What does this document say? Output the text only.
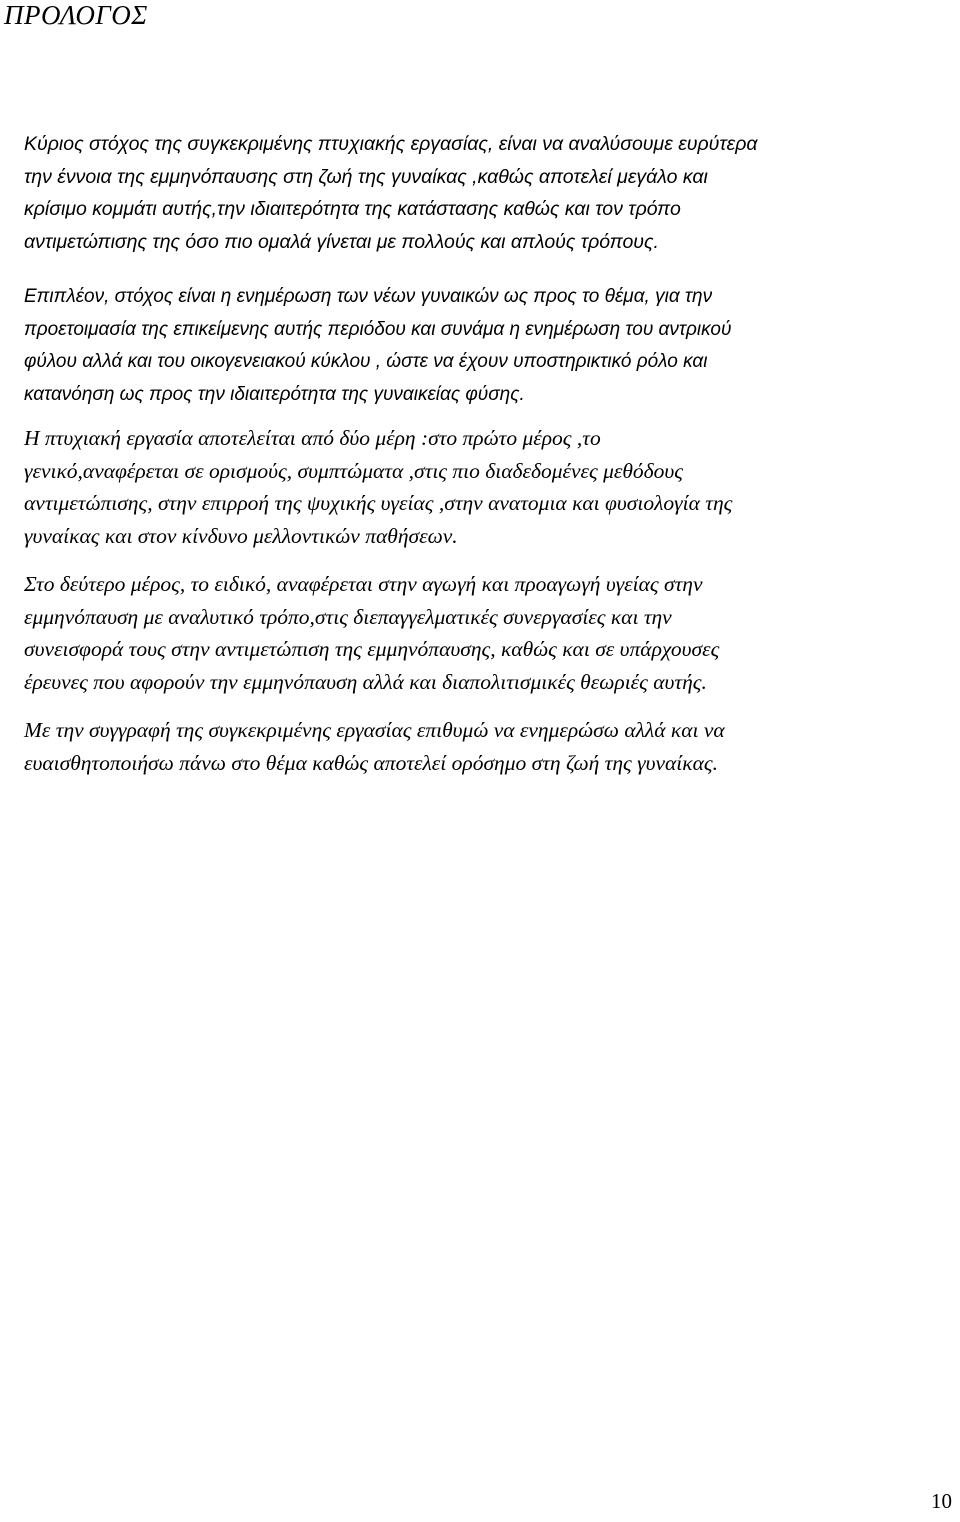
ΠΡΟΛΟΓΟΣ

Κύριος στόχος της συγκεκριμένης πτυχιακής εργασίας, είναι να αναλύσουμε ευρύτερα
την έννοια της εμμηνόπαυσης στη ζωή της γυναίκας ,καθώς αποτελεί μεγάλο και
κρίσιμο κομμάτι αυτής,την ιδιαιτερότητα της κατάστασης καθώς και τον τρόπο
αντιμετώπισης της όσο πιο ομαλά γίνεται με πολλούς και απλούς τρόπους.

Επιπλέον, στόχος είναι η ενημέρωση των νέων γυναικών ως προς το θέμα, για την
προετοιμασία της επικείμενης αυτής περιόδου και συνάμα η ενημέρωση του αντρικού
φύλου αλλά και του οικογενειακού κύκλου , ώστε να έχουν υποστηρικτικό ρόλο και
κατανόηση ως προς την ιδιαιτερότητα της γυναικείας φύσης.

Η πτυχιακή εργασία αποτελείται από δύο μέρη :στο πρώτο μέρος ,το
γενικό,αναφέρεται σε ορισμούς, συμπτώματα ,στις πιο διαδεδομένες μεθόδους
αντιμετώπισης, στην επιρροή της ψυχικής υγείας ,στην ανατομια και φυσιολογία της
γυναίκας και στον κίνδυνο μελλοντικών παθήσεων.

Στο δεύτερο μέρος, το ειδικό, αναφέρεται στην αγωγή και προαγωγή υγείας στην
εμμηνόπαυση με αναλυτικό τρόπο,στις διεπαγγελματικές συνεργασίες και την
συνεισφορά τους στην αντιμετώπιση της εμμηνόπαυσης, καθώς και σε υπάρχουσες
έρευνες που αφορούν την εμμηνόπαυση αλλά και διαπολιτισμικές θεωριές αυτής.

Με την συγγραφή της συγκεκριμένης εργασίας επιθυμώ να ενημερώσω αλλά και να
ευαισθητοποιήσω πάνω στο θέμα καθώς αποτελεί ορόσημο στη ζωή της γυναίκας.

10
